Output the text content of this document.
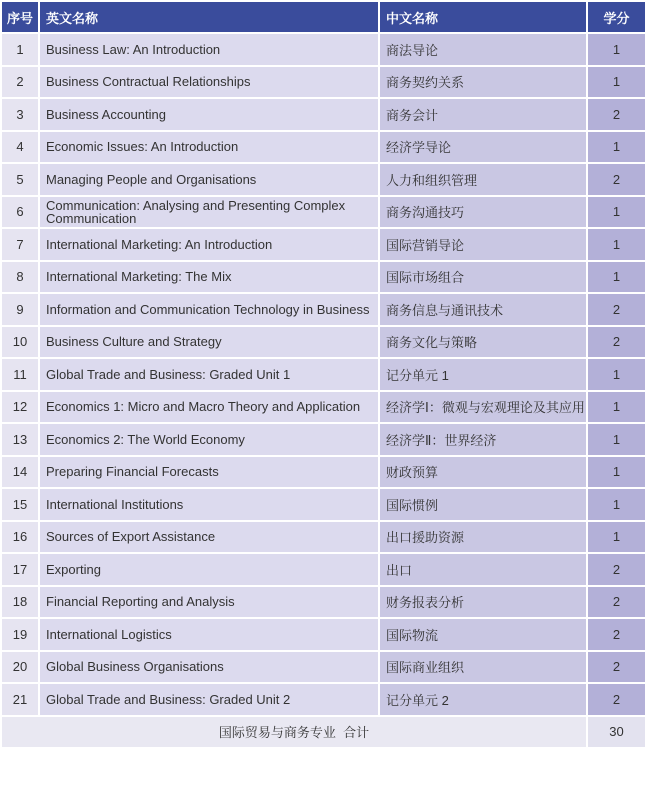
序号	英文名称	中文名称	学分
1	Business Law: An Introduction	商法导论	1
2	Business Contractual Relationships	商务契约关系	1
3	Business Accounting	商务会计	2
4	Economic Issues: An Introduction	经济学导论	1
5	Managing People and Organisations	人力和组织管理	2
6	Communication: Analysing and Presenting Complex Communication	商务沟通技巧	1
7	International Marketing: An Introduction	国际营销导论	1
8	International Marketing: The Mix	国际市场组合	1
9	Information and Communication Technology in Business	商务信息与通讯技术	2
10	Business Culture and Strategy	商务文化与策略	2
11	Global Trade and Business: Graded Unit 1	记分单元 1	1
12	Economics 1: Micro and Macro Theory and Application	经济学Ⅰ：微观与宏观理论及其应用	1
13	Economics 2: The World Economy	经济学Ⅱ：世界经济	1
14	Preparing Financial Forecasts	财政预算	1
15	International Institutions	国际惯例	1
16	Sources of Export Assistance	出口援助资源	1
17	Exporting	出口	2
18	Financial Reporting and Analysis	财务报表分析	2
19	International Logistics	国际物流	2
20	Global Business Organisations	国际商业组织	2
21	Global Trade and Business: Graded Unit 2	记分单元 2	2
国际贸易与商务专业  合计			30
